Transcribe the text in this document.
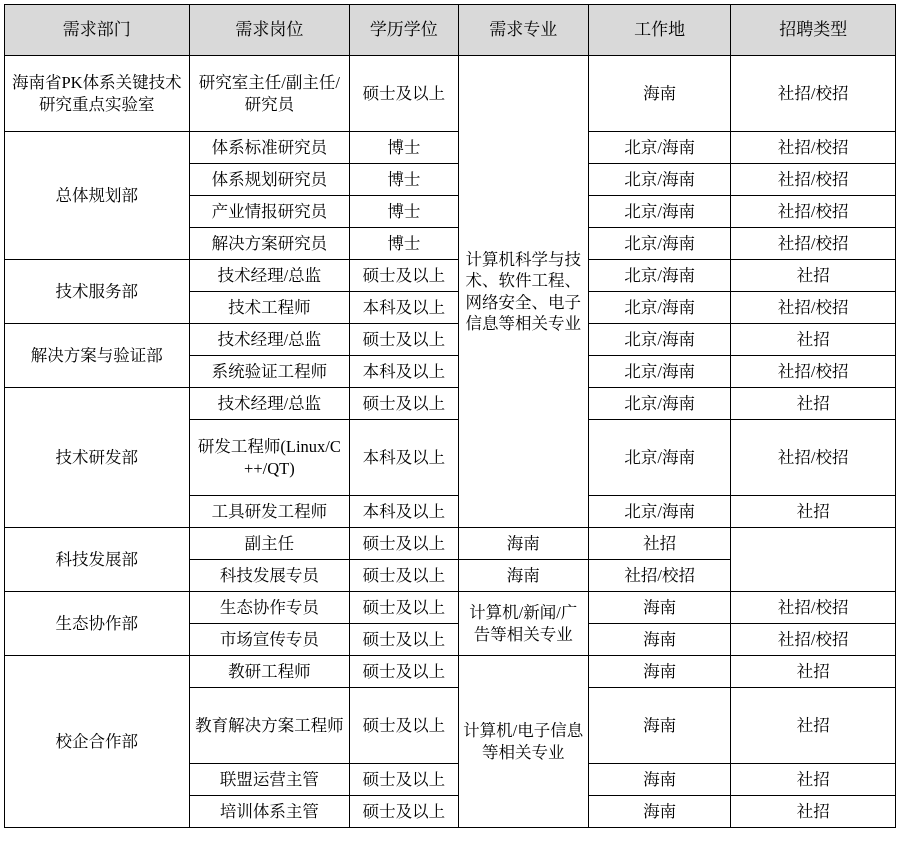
需求部门	需求岗位	学历学位	需求专业	工作地	招聘类型
海南省PK体系关键技术研究重点实验室	研究室主任/副主任/研究员	硕士及以上	计算机科学与技术、软件工程、网络安全、电子信息等相关专业	海南	社招/校招
总体规划部	体系标准研究员	博士		北京/海南	社招/校招
	体系规划研究员	博士		北京/海南	社招/校招
	产业情报研究员	博士		北京/海南	社招/校招
	解决方案研究员	博士		北京/海南	社招/校招
技术服务部	技术经理/总监	硕士及以上		北京/海南	社招
	技术工程师	本科及以上		北京/海南	社招/校招
解决方案与验证部	技术经理/总监	硕士及以上		北京/海南	社招
	系统验证工程师	本科及以上		北京/海南	社招/校招
技术研发部	技术经理/总监	硕士及以上		北京/海南	社招
	研发工程师(Linux/C++/QT)	本科及以上		北京/海南	社招/校招
	工具研发工程师	本科及以上		北京/海南	社招
科技发展部	副主任	硕士及以上	海南	社招	
	科技发展专员	硕士及以上	海南	社招/校招	
生态协作部	生态协作专员	硕士及以上	计算机/新闻/广告等相关专业	海南	社招/校招
	市场宣传专员	硕士及以上		海南	社招/校招
校企合作部	教研工程师	硕士及以上	计算机/电子信息等相关专业	海南	社招
	教育解决方案工程师	硕士及以上		海南	社招
	联盟运营主管	硕士及以上		海南	社招
	培训体系主管	硕士及以上		海南	社招
